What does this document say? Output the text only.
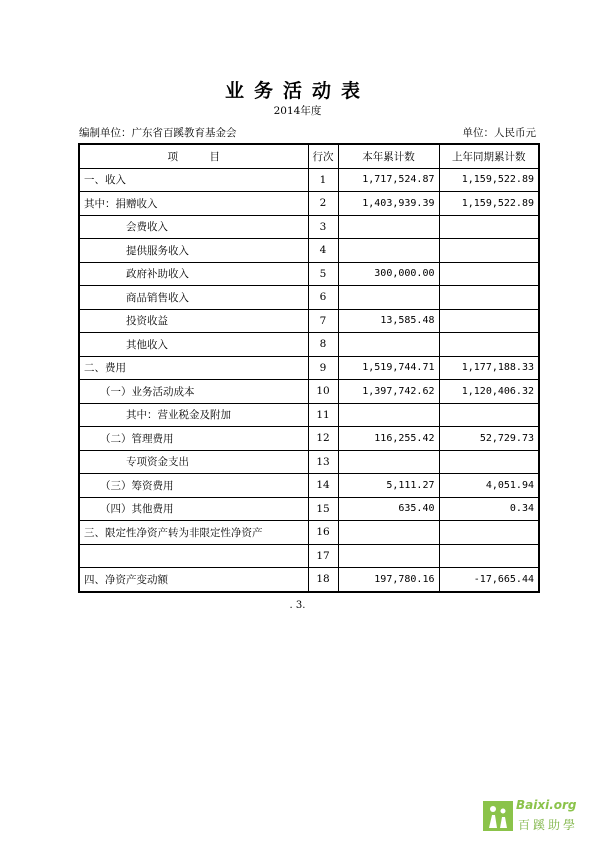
业务活动表
2014年度
编制单位：广东省百蹊教育基金会	单位：人民币元
项　　　目	行次	本年累计数	上年同期累计数
一、收入	1	1,717,524.87	1,159,522.89
其中：捐赠收入	2	1,403,939.39	1,159,522.89
会费收入	3		
提供服务收入	4		
政府补助收入	5	300,000.00	
商品销售收入	6		
投资收益	7	13,585.48	
其他收入	8		
二、费用	9	1,519,744.71	1,177,188.33
（一）业务活动成本	10	1,397,742.62	1,120,406.32
其中：营业税金及附加	11		
（二）管理费用	12	116,255.42	52,729.73
专项资金支出	13		
（三）筹资费用	14	5,111.27	4,051.94
（四）其他费用	15	635.40	0.34
三、限定性净资产转为非限定性净资产	16		
	17		
四、净资产变动额	18	197,780.16	-17,665.44
. 3.
Baixi.org
百蹊助學
